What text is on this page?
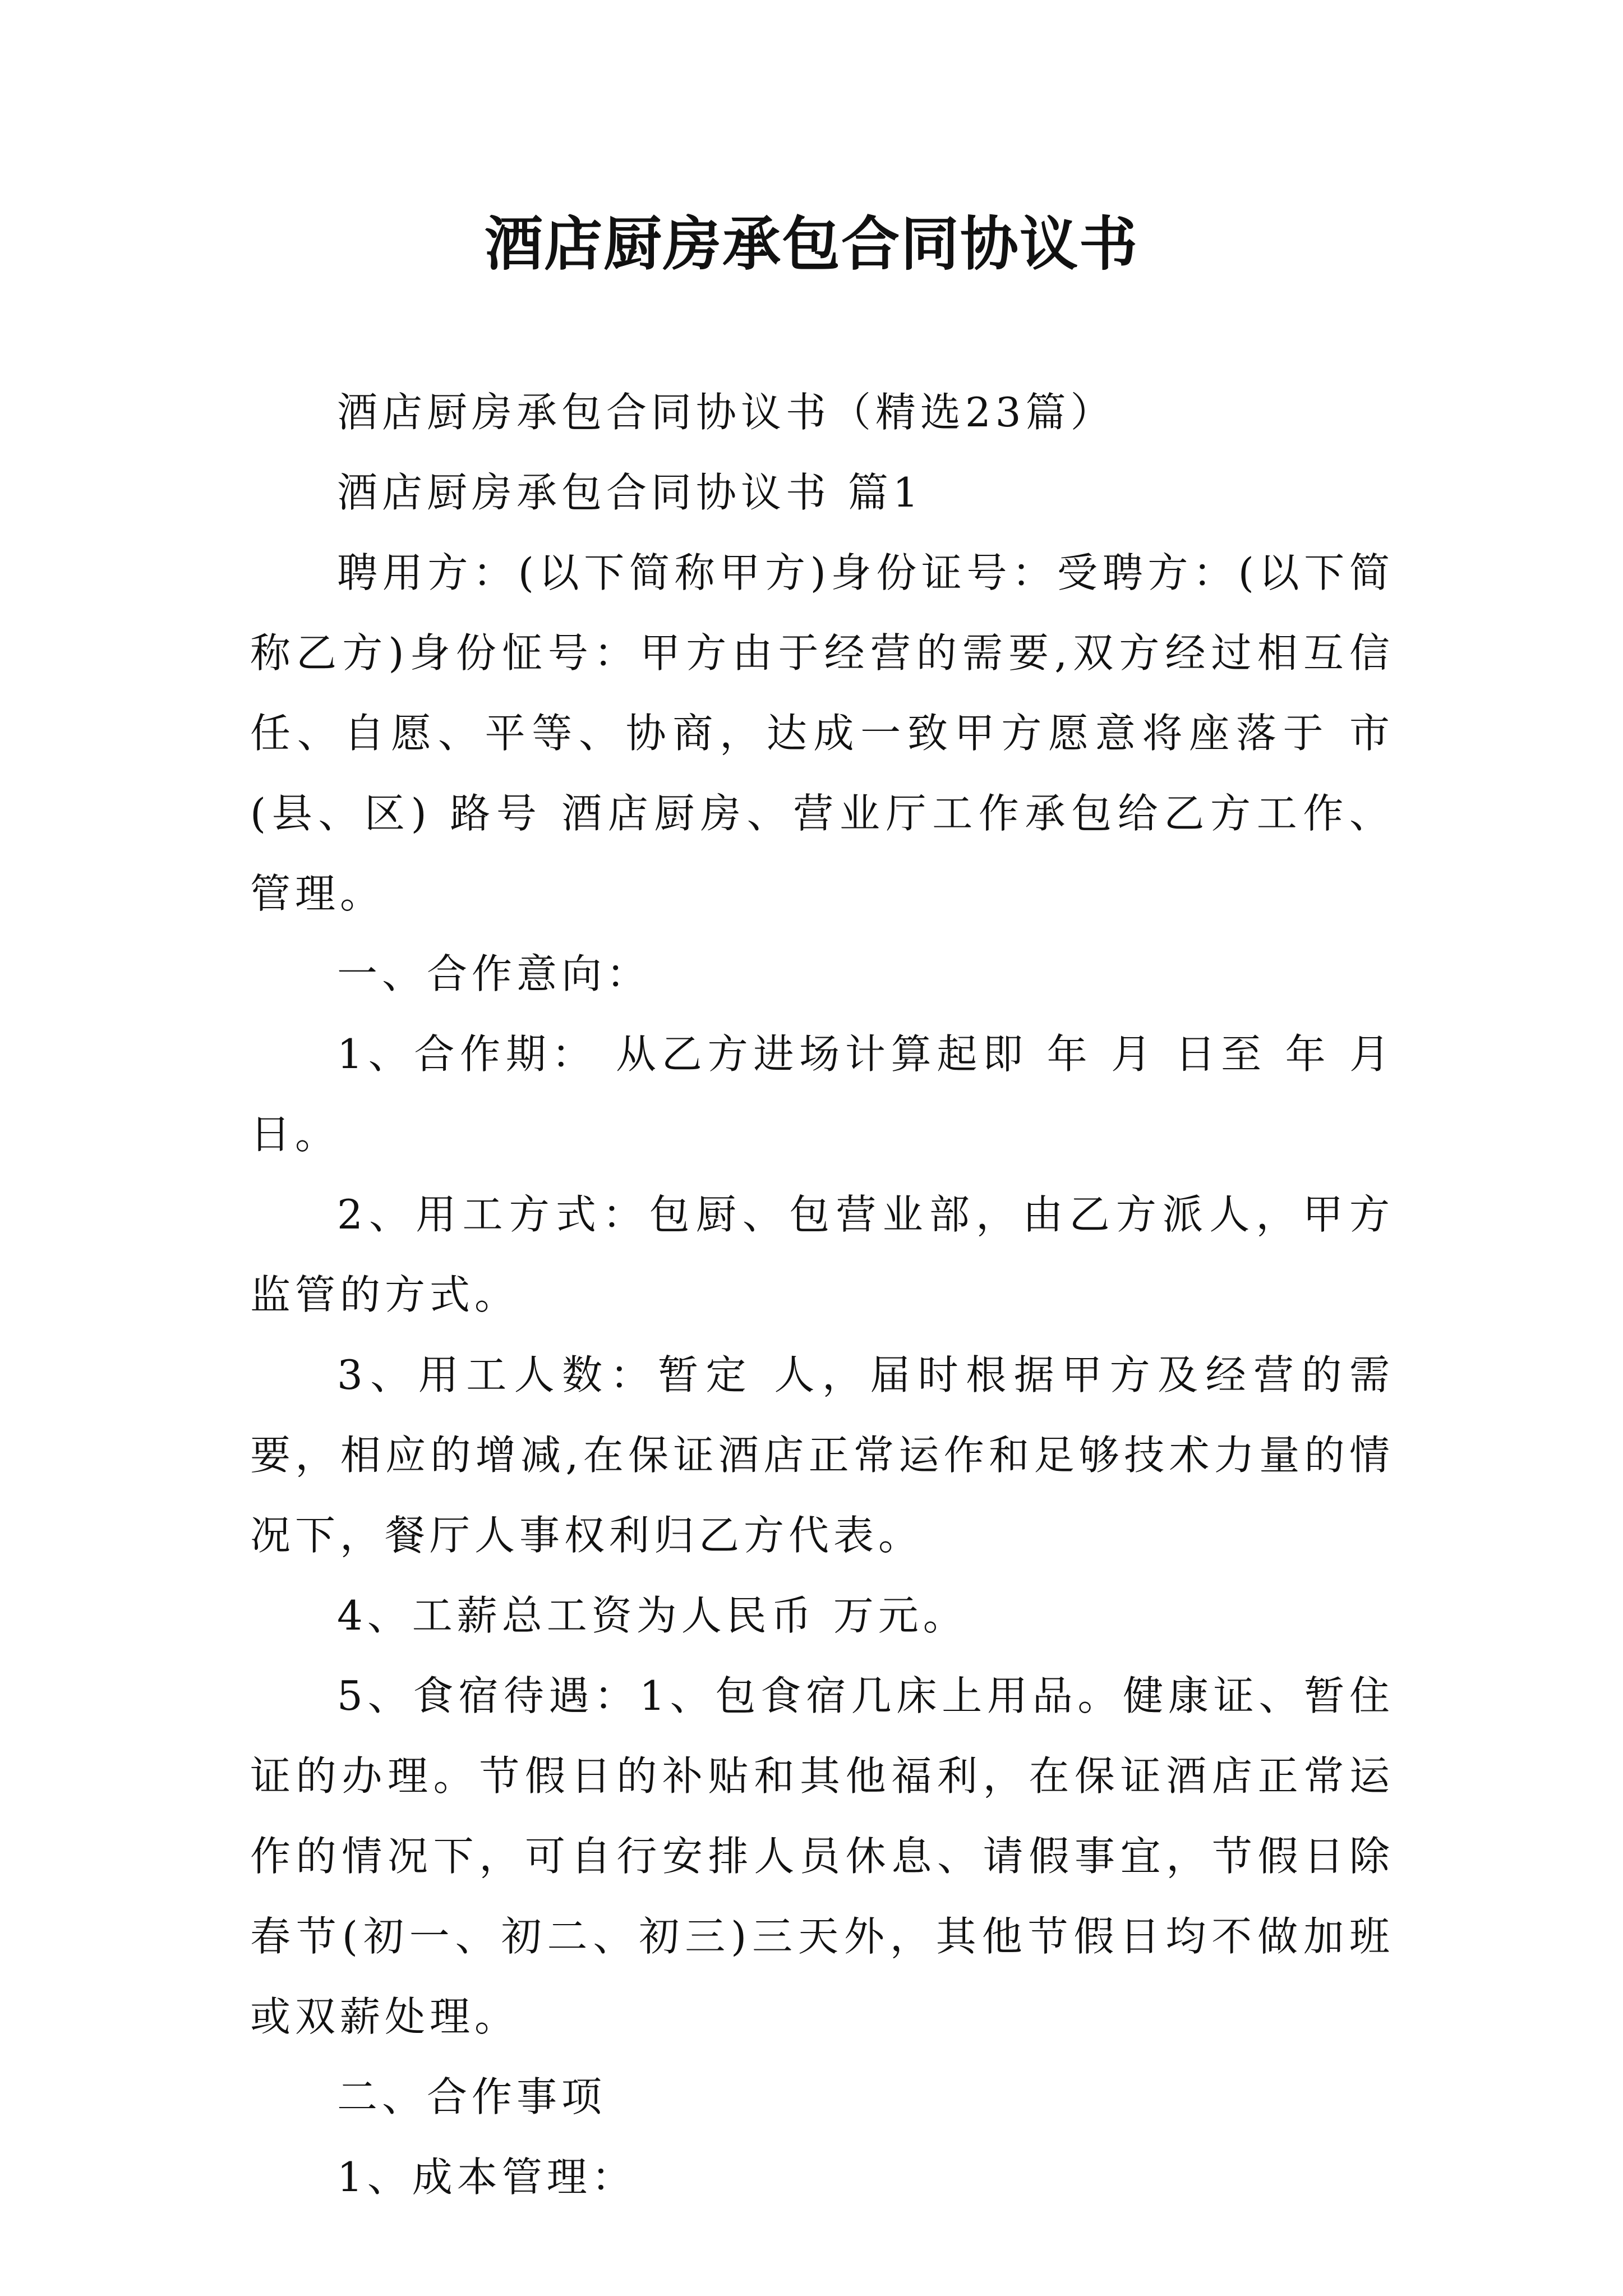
酒店厨房承包合同协议书

酒店厨房承包合同协议书（精选23篇）

酒店厨房承包合同协议书 篇1

聘用方：(以下简称甲方)身份证号：受聘方：(以下简称乙方)身份怔号：甲方由于经营的需要,双方经过相互信任、自愿、平等、协商，达成一致甲方愿意将座落于 市(县、区) 路号 酒店厨房、营业厅工作承包给乙方工作、管理。

一、合作意向：

1、合作期： 从乙方进场计算起即 年 月 日至 年 月 日。

2、用工方式：包厨、包营业部，由乙方派人，甲方监管的方式。

3、用工人数：暂定 人，届时根据甲方及经营的需要，相应的增减,在保证酒店正常运作和足够技术力量的情况下，餐厅人事权利归乙方代表。

4、工薪总工资为人民币 万元。

5、食宿待遇：1、包食宿几床上用品。健康证、暂住证的办理。节假日的补贴和其他福利，在保证酒店正常运作的情况下，可自行安排人员休息、请假事宜，节假日除春节(初一、初二、初三)三天外，其他节假日均不做加班或双薪处理。

二、合作事项

1、成本管理：
